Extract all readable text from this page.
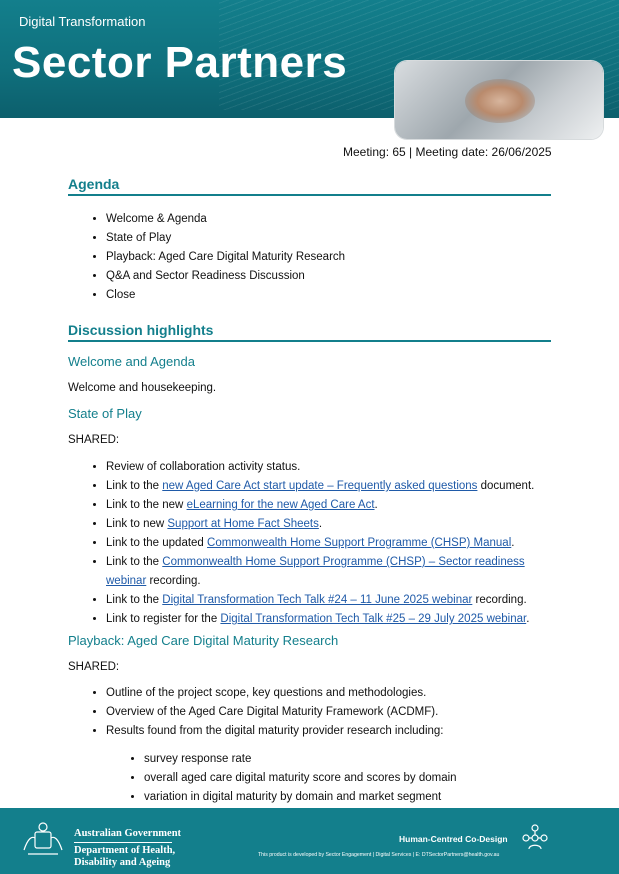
Digital Transformation
Sector Partners
Meeting: 65 | Meeting date: 26/06/2025
Agenda
• Welcome & Agenda
• State of Play
• Playback: Aged Care Digital Maturity Research
• Q&A and Sector Readiness Discussion
• Close
Discussion highlights
Welcome and Agenda

Welcome and housekeeping.

State of Play

SHARED:

• Review of collaboration activity status.
• Link to the new Aged Care Act start update – Frequently asked questions document.
• Link to the new eLearning for the new Aged Care Act.
• Link to new Support at Home Fact Sheets.
• Link to the updated Commonwealth Home Support Programme (CHSP) Manual.
• Link to the Commonwealth Home Support Programme (CHSP) – Sector readiness webinar recording.
• Link to the Digital Transformation Tech Talk #24 – 11 June 2025 webinar recording.
• Link to register for the Digital Transformation Tech Talk #25 – 29 July 2025 webinar.
Playback: Aged Care Digital Maturity Research

SHARED:

• Outline of the project scope, key questions and methodologies.
• Overview of the Aged Care Digital Maturity Framework (ACDMF).
• Results found from the digital maturity provider research including:
• survey response rate
• overall aged care digital maturity score and scores by domain
• variation in digital maturity by domain and market segment
Australian Government
Department of Health,
Disability and Ageing
Human-Centred Co-Design
This product is developed by Sector Engagement | Digital Services | E: DTSectorPartners@health.gov.au
